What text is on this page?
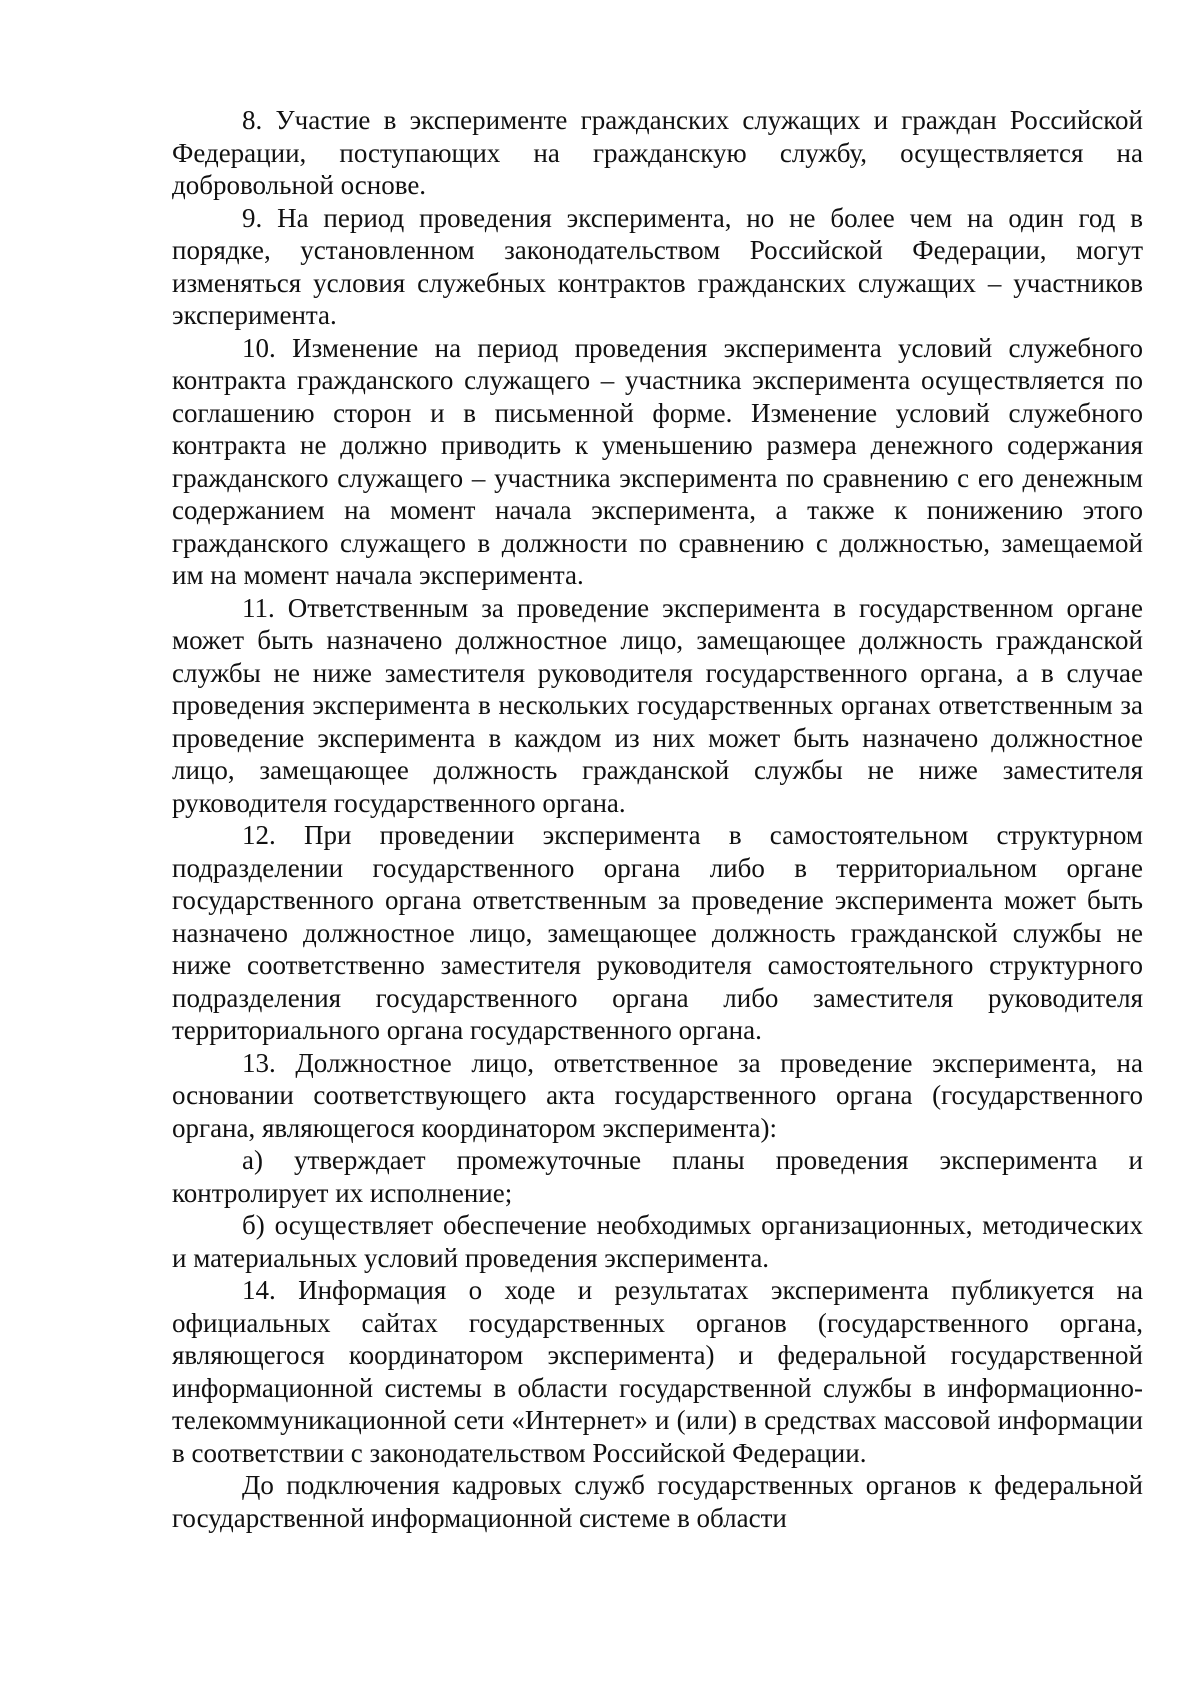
8. Участие в эксперименте гражданских служащих и граждан Российской Федерации, поступающих на гражданскую службу, осуществляется на добровольной основе.

9. На период проведения эксперимента, но не более чем на один год в порядке, установленном законодательством Российской Федерации, могут изменяться условия служебных контрактов гражданских служащих – участников эксперимента.

10. Изменение на период проведения эксперимента условий служебного контракта гражданского служащего – участника эксперимента осуществляется по соглашению сторон и в письменной форме. Изменение условий служебного контракта не должно приводить к уменьшению размера денежного содержания гражданского служащего – участника эксперимента по сравнению с его денежным содержанием на момент начала эксперимента, а также к понижению этого гражданского служащего в должности по сравнению с должностью, замещаемой им на момент начала эксперимента.

11. Ответственным за проведение эксперимента в государственном органе может быть назначено должностное лицо, замещающее должность гражданской службы не ниже заместителя руководителя государственного органа, а в случае проведения эксперимента в нескольких государственных органах ответственным за проведение эксперимента в каждом из них может быть назначено должностное лицо, замещающее должность гражданской службы не ниже заместителя руководителя государственного органа.

12. При проведении эксперимента в самостоятельном структурном подразделении государственного органа либо в территориальном органе государственного органа ответственным за проведение эксперимента может быть назначено должностное лицо, замещающее должность гражданской службы не ниже соответственно заместителя руководителя самостоятельного структурного подразделения государственного органа либо заместителя руководителя территориального органа государственного органа.

13. Должностное лицо, ответственное за проведение эксперимента, на основании соответствующего акта государственного органа (государственного органа, являющегося координатором эксперимента):

а) утверждает промежуточные планы проведения эксперимента и контролирует их исполнение;

б) осуществляет обеспечение необходимых организационных, методических и материальных условий проведения эксперимента.

14. Информация о ходе и результатах эксперимента публикуется на официальных сайтах государственных органов (государственного органа, являющегося координатором эксперимента) и федеральной государственной информационной системы в области государственной службы в информационно-телекоммуникационной сети «Интернет» и (или) в средствах массовой информации в соответствии с законодательством Российской Федерации.

До подключения кадровых служб государственных органов к федеральной государственной информационной системе в области
